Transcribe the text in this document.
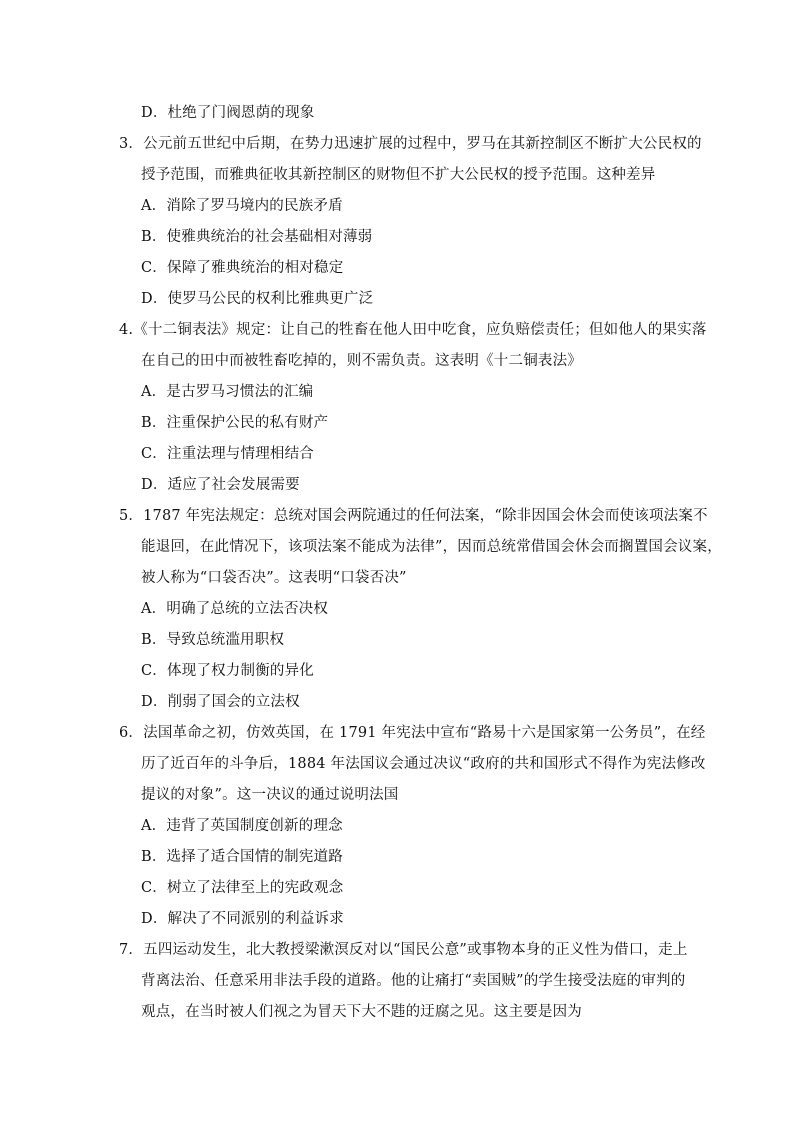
D．杜绝了门阀恩荫的现象
3．公元前五世纪中后期，在势力迅速扩展的过程中，罗马在其新控制区不断扩大公民权的
授予范围，而雅典征收其新控制区的财物但不扩大公民权的授予范围。这种差异
A．消除了罗马境内的民族矛盾
B．使雅典统治的社会基础相对薄弱
C．保障了雅典统治的相对稳定
D．使罗马公民的权利比雅典更广泛
4.《十二铜表法》规定：让自己的牲畜在他人田中吃食，应负赔偿责任；但如他人的果实落
在自己的田中而被牲畜吃掉的，则不需负责。这表明《十二铜表法》
A．是古罗马习惯法的汇编
B．注重保护公民的私有财产
C．注重法理与情理相结合
D．适应了社会发展需要
5．1787 年宪法规定：总统对国会两院通过的任何法案，“除非因国会休会而使该项法案不
能退回，在此情况下，该项法案不能成为法律”，因而总统常借国会休会而搁置国会议案，
被人称为“口袋否决”。这表明“口袋否决”
A．明确了总统的立法否决权
B．导致总统滥用职权
C．体现了权力制衡的异化
D．削弱了国会的立法权
6．法国革命之初，仿效英国，在 1791 年宪法中宣布“路易十六是国家第一公务员”，在经
历了近百年的斗争后，1884 年法国议会通过决议“政府的共和国形式不得作为宪法修改
提议的对象”。这一决议的通过说明法国
A．违背了英国制度创新的理念
B．选择了适合国情的制宪道路
C．树立了法律至上的宪政观念
D．解决了不同派别的利益诉求
7．五四运动发生，北大教授梁漱溟反对以“国民公意”或事物本身的正义性为借口，走上
背离法治、任意采用非法手段的道路。他的让痛打“卖国贼”的学生接受法庭的审判的
观点，在当时被人们视之为冒天下大不韪的迂腐之见。这主要是因为
